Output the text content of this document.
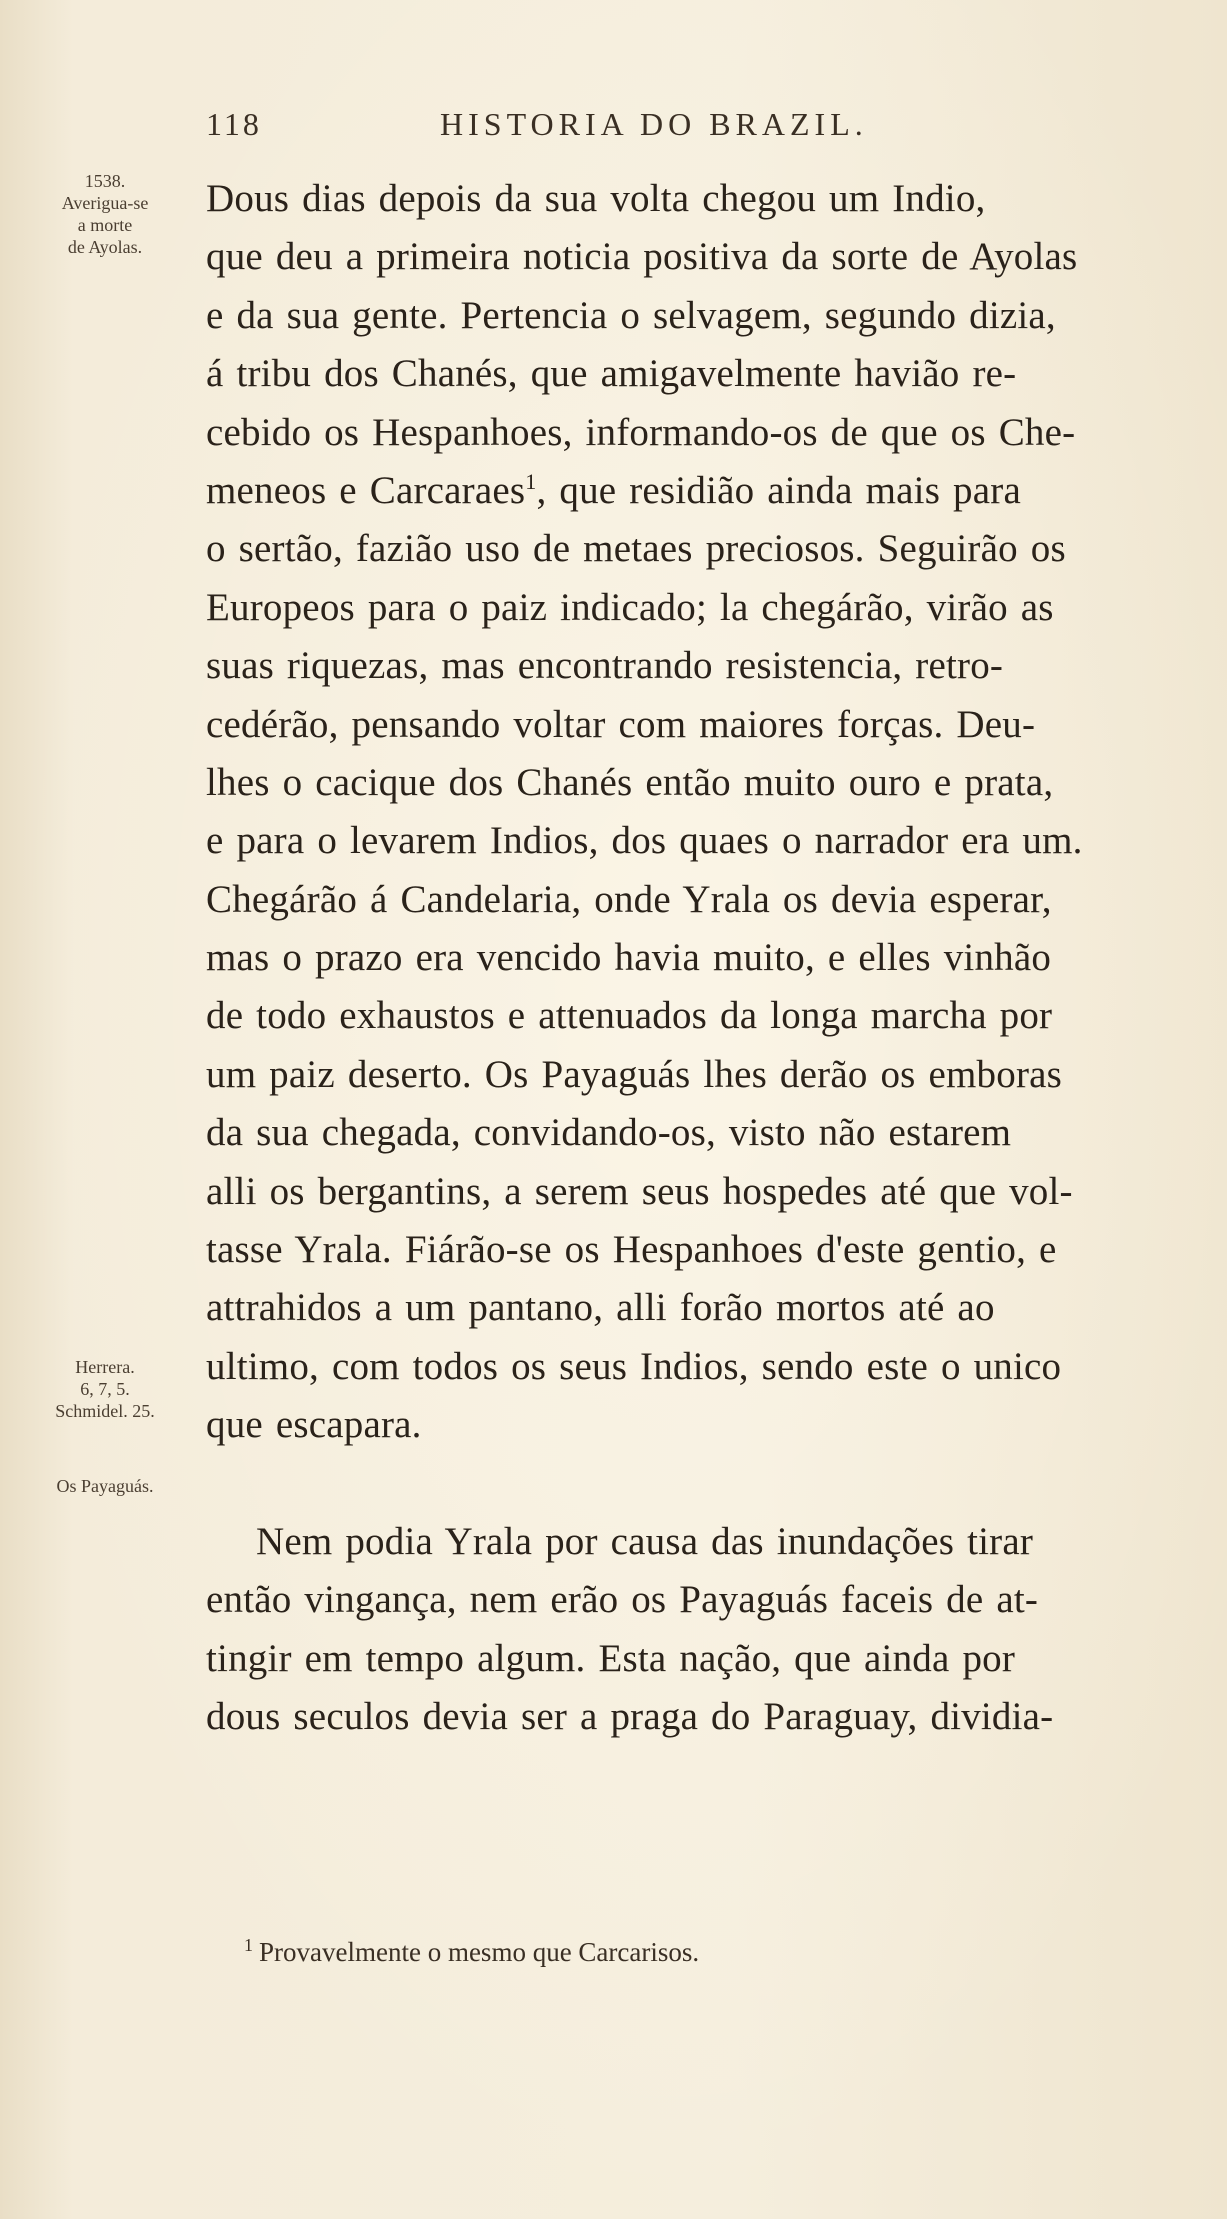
118	HISTORIA DO BRAZIL.
1538.
Averigua-se
a morte
de Ayolas.
Herrera.
6, 7, 5.
Schmidel. 25.
Os Payaguás.
Dous dias depois da sua volta chegou um Indio,
que deu a primeira noticia positiva da sorte de Ayolas
e da sua gente. Pertencia o selvagem, segundo dizia,
á tribu dos Chanés, que amigavelmente havião re-
cebido os Hespanhoes, informando-os de que os Che-
meneos e Carcaraes$^1$, que residião ainda mais para
o sertão, fazião uso de metaes preciosos. Seguirão os
Europeos para o paiz indicado; la chegárão, virão as
suas riquezas, mas encontrando resistencia, retro-
cedérão, pensando voltar com maiores forças. Deu-
lhes o cacique dos Chanés então muito ouro e prata,
e para o levarem Indios, dos quaes o narrador era um.
Chegárão á Candelaria, onde Yrala os devia esperar,
mas o prazo era vencido havia muito, e elles vinhão
de todo exhaustos e attenuados da longa marcha por
um paiz deserto. Os Payaguás lhes derão os emboras
da sua chegada, convidando-os, visto não estarem
alli os bergantins, a serem seus hospedes até que vol-
tasse Yrala. Fiárão-se os Hespanhoes d'este gentio, e
attrahidos a um pantano, alli forão mortos até ao
ultimo, com todos os seus Indios, sendo este o unico
que escapara.
Nem podia Yrala por causa das inundações tirar
então vingança, nem erão os Payaguás faceis de at-
tingir em tempo algum. Esta nação, que ainda por
dous seculos devia ser a praga do Paraguay, dividia-
$^1$ Provavelmente o mesmo que Carcarisos.
